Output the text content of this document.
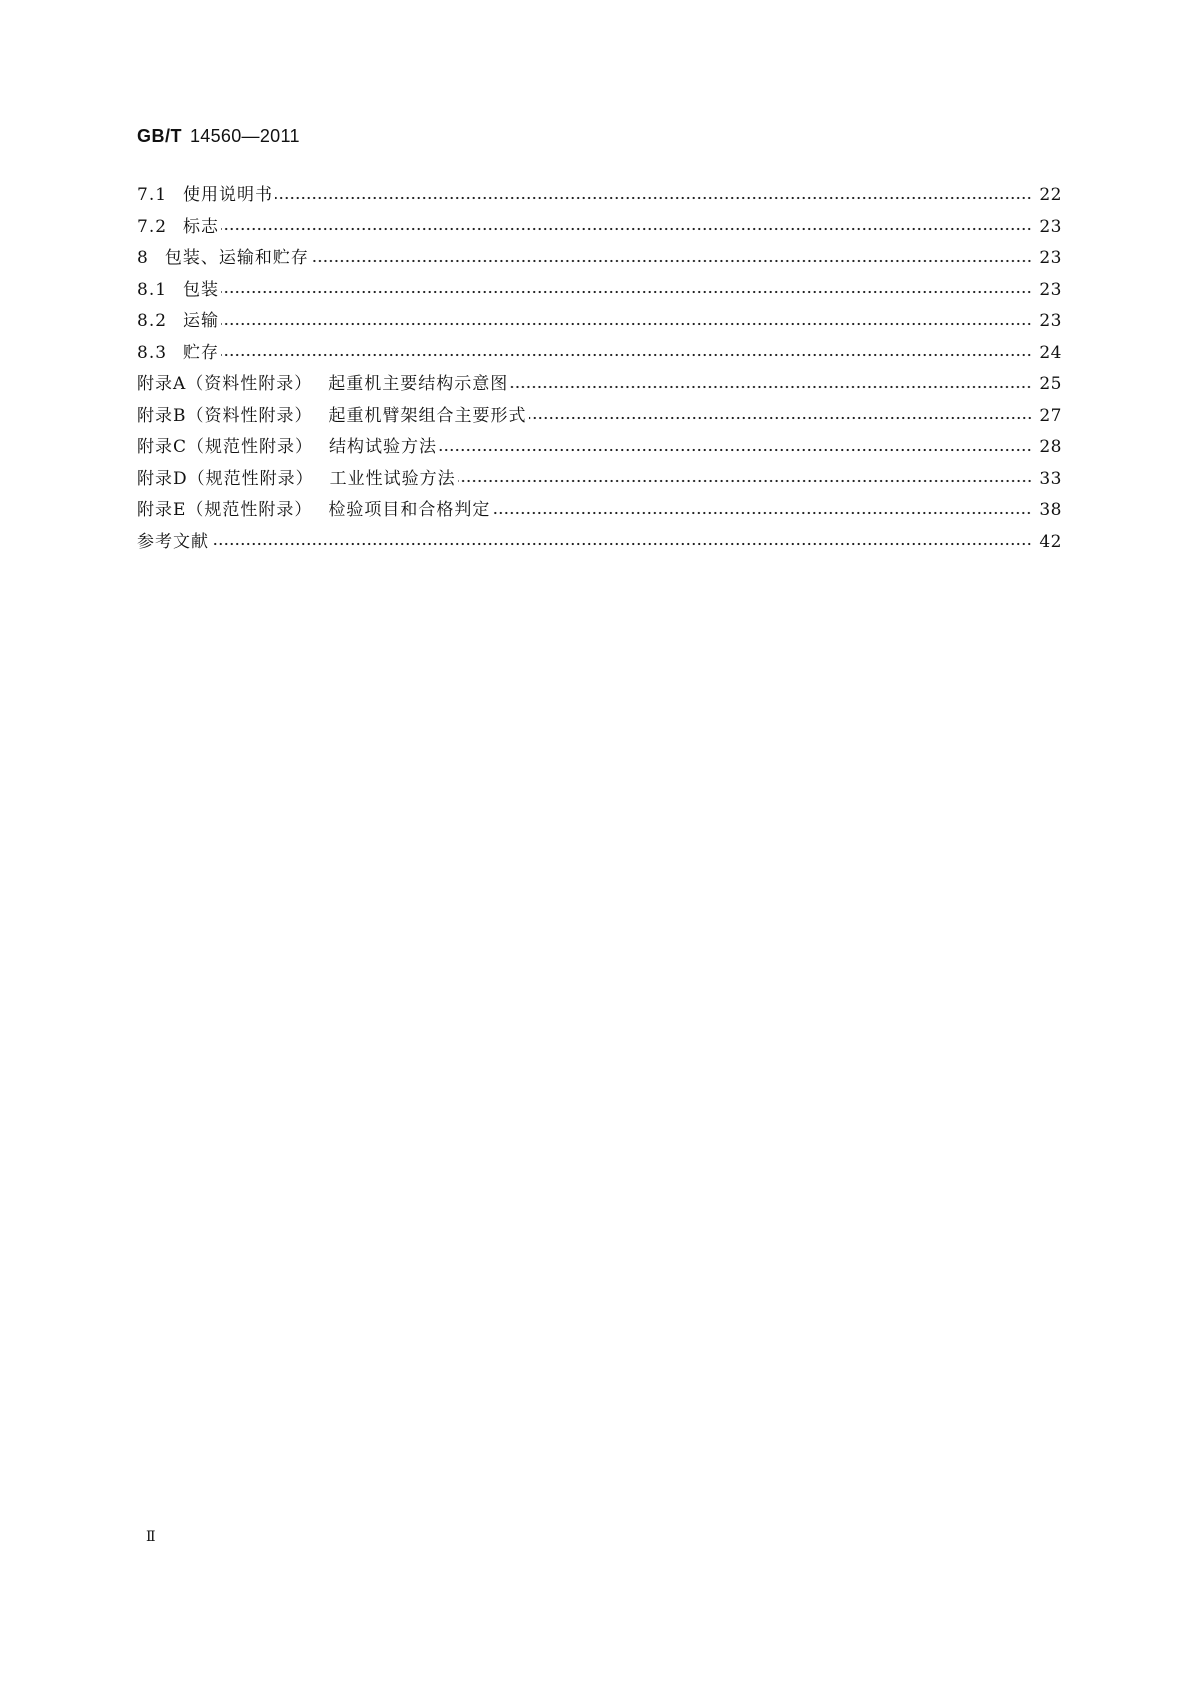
GB/T 14560—2011
7.1 使用说明书	22
7.2 标志	23
8 包装、运输和贮存	23
8.1 包装	23
8.2 运输	23
8.3 贮存	24
附录A（资料性附录） 起重机主要结构示意图	25
附录B（资料性附录） 起重机臂架组合主要形式	27
附录C（规范性附录） 结构试验方法	28
附录D（规范性附录） 工业性试验方法	33
附录E（规范性附录） 检验项目和合格判定	38
参考文献	42
Ⅱ
